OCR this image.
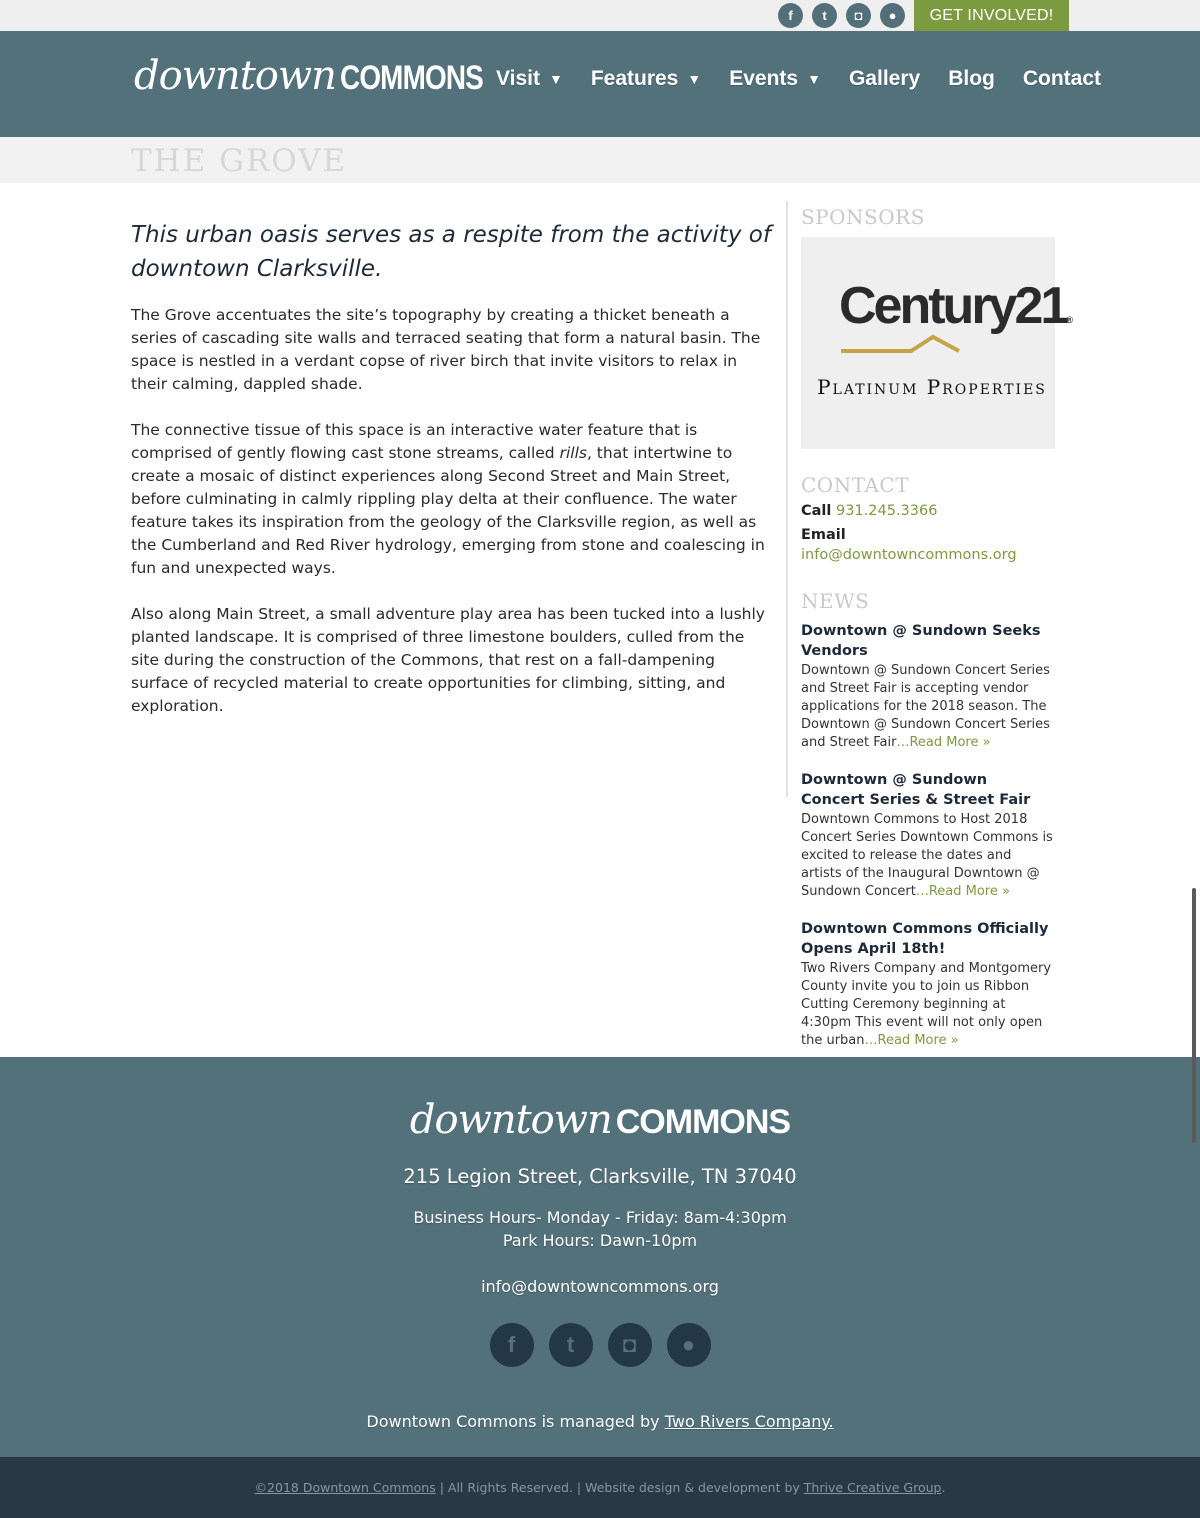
f	t	◘	●	GET INVOLVED!
downtown COMMONS Visit ▼ Features ▼ Events ▼ Gallery Blog Contact
THE GROVE
This urban oasis serves as a respite from the activity of downtown Clarksville.

The Grove accentuates the site’s topography by creating a thicket beneath a series of cascading site walls and terraced seating that form a natural basin. The space is nestled in a verdant copse of river birch that invite visitors to relax in their calming, dappled shade.

The connective tissue of this space is an interactive water feature that is comprised of gently flowing cast stone streams, called rills, that intertwine to create a mosaic of distinct experiences along Second Street and Main Street, before culminating in calmly rippling play delta at their confluence. The water feature takes its inspiration from the geology of the Clarksville region, as well as the Cumberland and Red River hydrology, emerging from stone and coalescing in fun and unexpected ways.

Also along Main Street, a small adventure play area has been tucked into a lushly planted landscape. It is comprised of three limestone boulders, culled from the site during the construction of the Commons, that rest on a fall-dampening surface of recycled material to create opportunities for climbing, sitting, and exploration.

SPONSORS
Century21®
Platinum Properties
CONTACT
Call 931.245.3366
Email info@downtowncommons.org
NEWS
Downtown @ Sundown Seeks Vendors
Downtown @ Sundown Concert Series and Street Fair is accepting vendor applications for the 2018 season. The Downtown @ Sundown Concert Series and Street Fair…Read More »
Downtown @ Sundown Concert Series & Street Fair
Downtown Commons to Host 2018 Concert Series Downtown Commons is excited to release the dates and artists of the Inaugural Downtown @ Sundown Concert…Read More »
Downtown Commons Officially Opens April 18th!
Two Rivers Company and Montgomery County invite you to join us Ribbon Cutting Ceremony beginning at 4:30pm This event will not only open the urban…Read More »
downtown COMMONS
215 Legion Street, Clarksville, TN 37040
Business Hours- Monday - Friday: 8am-4:30pm
Park Hours: Dawn-10pm
info@downtowncommons.org
f	t	◘	●
Downtown Commons is managed by Two Rivers Company.
©2018 Downtown Commons | All Rights Reserved. | Website design & development by Thrive Creative Group.
